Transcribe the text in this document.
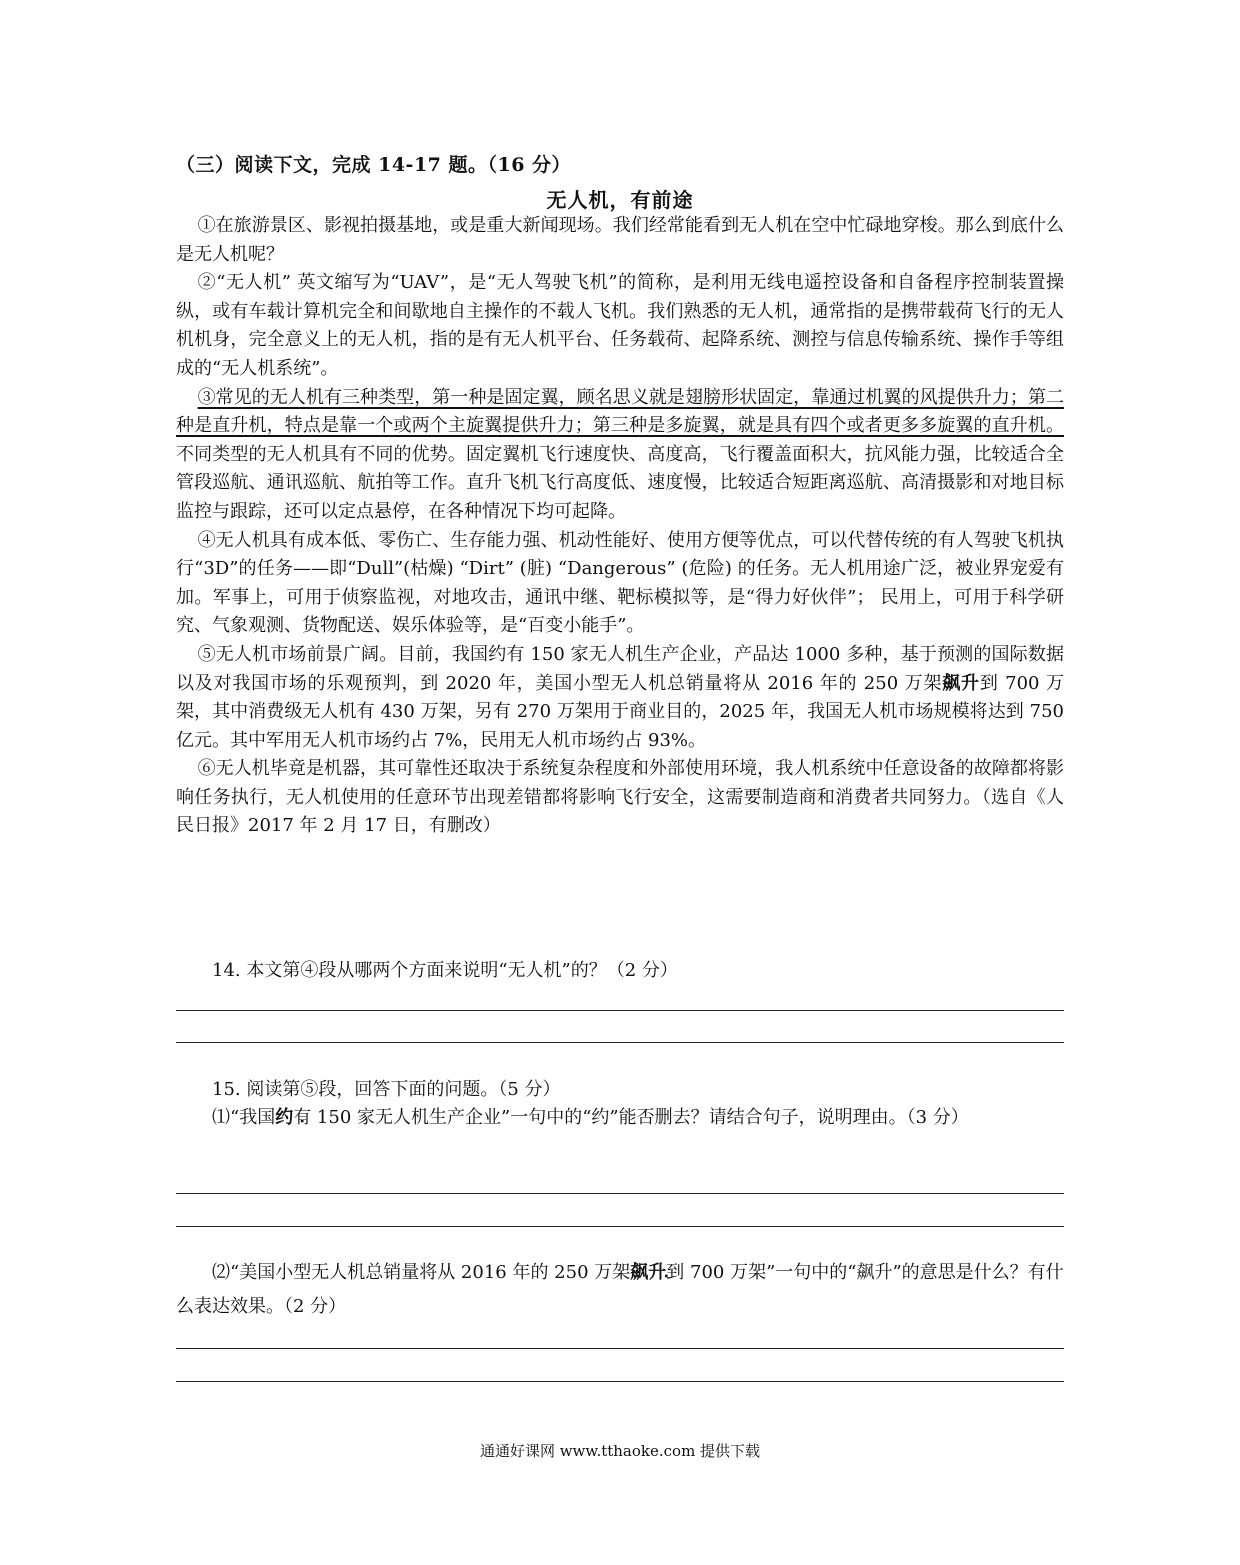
（三）阅读下文，完成 14-17 题。（16 分）
无人机，有前途

①在旅游景区、影视拍摄基地，或是重大新闻现场。我们经常能看到无人机在空中忙碌地穿梭。那么到底什么是无人机呢？

②“无人机” 英文缩写为“UAV”，是“无人驾驶飞机”的简称，是利用无线电遥控设备和自备程序控制装置操纵，或有车载计算机完全和间歇地自主操作的不载人飞机。我们熟悉的无人机，通常指的是携带载荷飞行的无人机机身，完全意义上的无人机，指的是有无人机平台、任务载荷、起降系统、测控与信息传输系统、操作手等组成的“无人机系统”。

③常见的无人机有三种类型，第一种是固定翼，顾名思义就是翅膀形状固定，靠通过机翼的风提供升力；第二种是直升机，特点是靠一个或两个主旋翼提供升力；第三种是多旋翼，就是具有四个或者更多多旋翼的直升机。不同类型的无人机具有不同的优势。固定翼机飞行速度快、高度高，飞行覆盖面积大，抗风能力强，比较适合全管段巡航、通讯巡航、航拍等工作。直升飞机飞行高度低、速度慢，比较适合短距离巡航、高清摄影和对地目标监控与跟踪，还可以定点悬停，在各种情况下均可起降。

④无人机具有成本低、零伤亡、生存能力强、机动性能好、使用方便等优点，可以代替传统的有人驾驶飞机执行“3D”的任务——即“Dull”(枯燥) “Dirt” (脏) “Dangerous” (危险) 的任务。无人机用途广泛，被业界宠爱有加。军事上，可用于侦察监视，对地攻击，通讯中继、靶标模拟等，是“得力好伙伴”； 民用上，可用于科学研究、气象观测、货物配送、娱乐体验等，是“百变小能手”。

⑤无人机市场前景广阔。目前，我国约有 150 家无人机生产企业，产品达 1000 多种，基于预测的国际数据以及对我国市场的乐观预判，到 2020 年，美国小型无人机总销量将从 2016 年的 250 万架飙升到 700 万架，其中消费级无人机有 430 万架，另有 270 万架用于商业目的，2025 年，我国无人机市场规模将达到 750 亿元。其中军用无人机市场约占 7%，民用无人机市场约占 93%。

⑥无人机毕竟是机器，其可靠性还取决于系统复杂程度和外部使用环境，我人机系统中任意设备的故障都将影响任务执行，无人机使用的任意环节出现差错都将影响飞行安全，这需要制造商和消费者共同努力。（选自《人民日报》2017 年 2 月 17 日，有删改）

14. 本文第④段从哪两个方面来说明“无人机”的？（2 分）
15. 阅读第⑤段，回答下面的问题。（5 分）
⑴“我国约有 150 家无人机生产企业”一句中的“约”能否删去？请结合句子，说明理由。（3 分）
⑵“美国小型无人机总销量将从 2016 年的 250 万架飙升到 700 万架”一句中的“飙升”的意思是什么？有什么表达效果。（2 分）
通通好课网 www.tthaoke.com 提供下载
